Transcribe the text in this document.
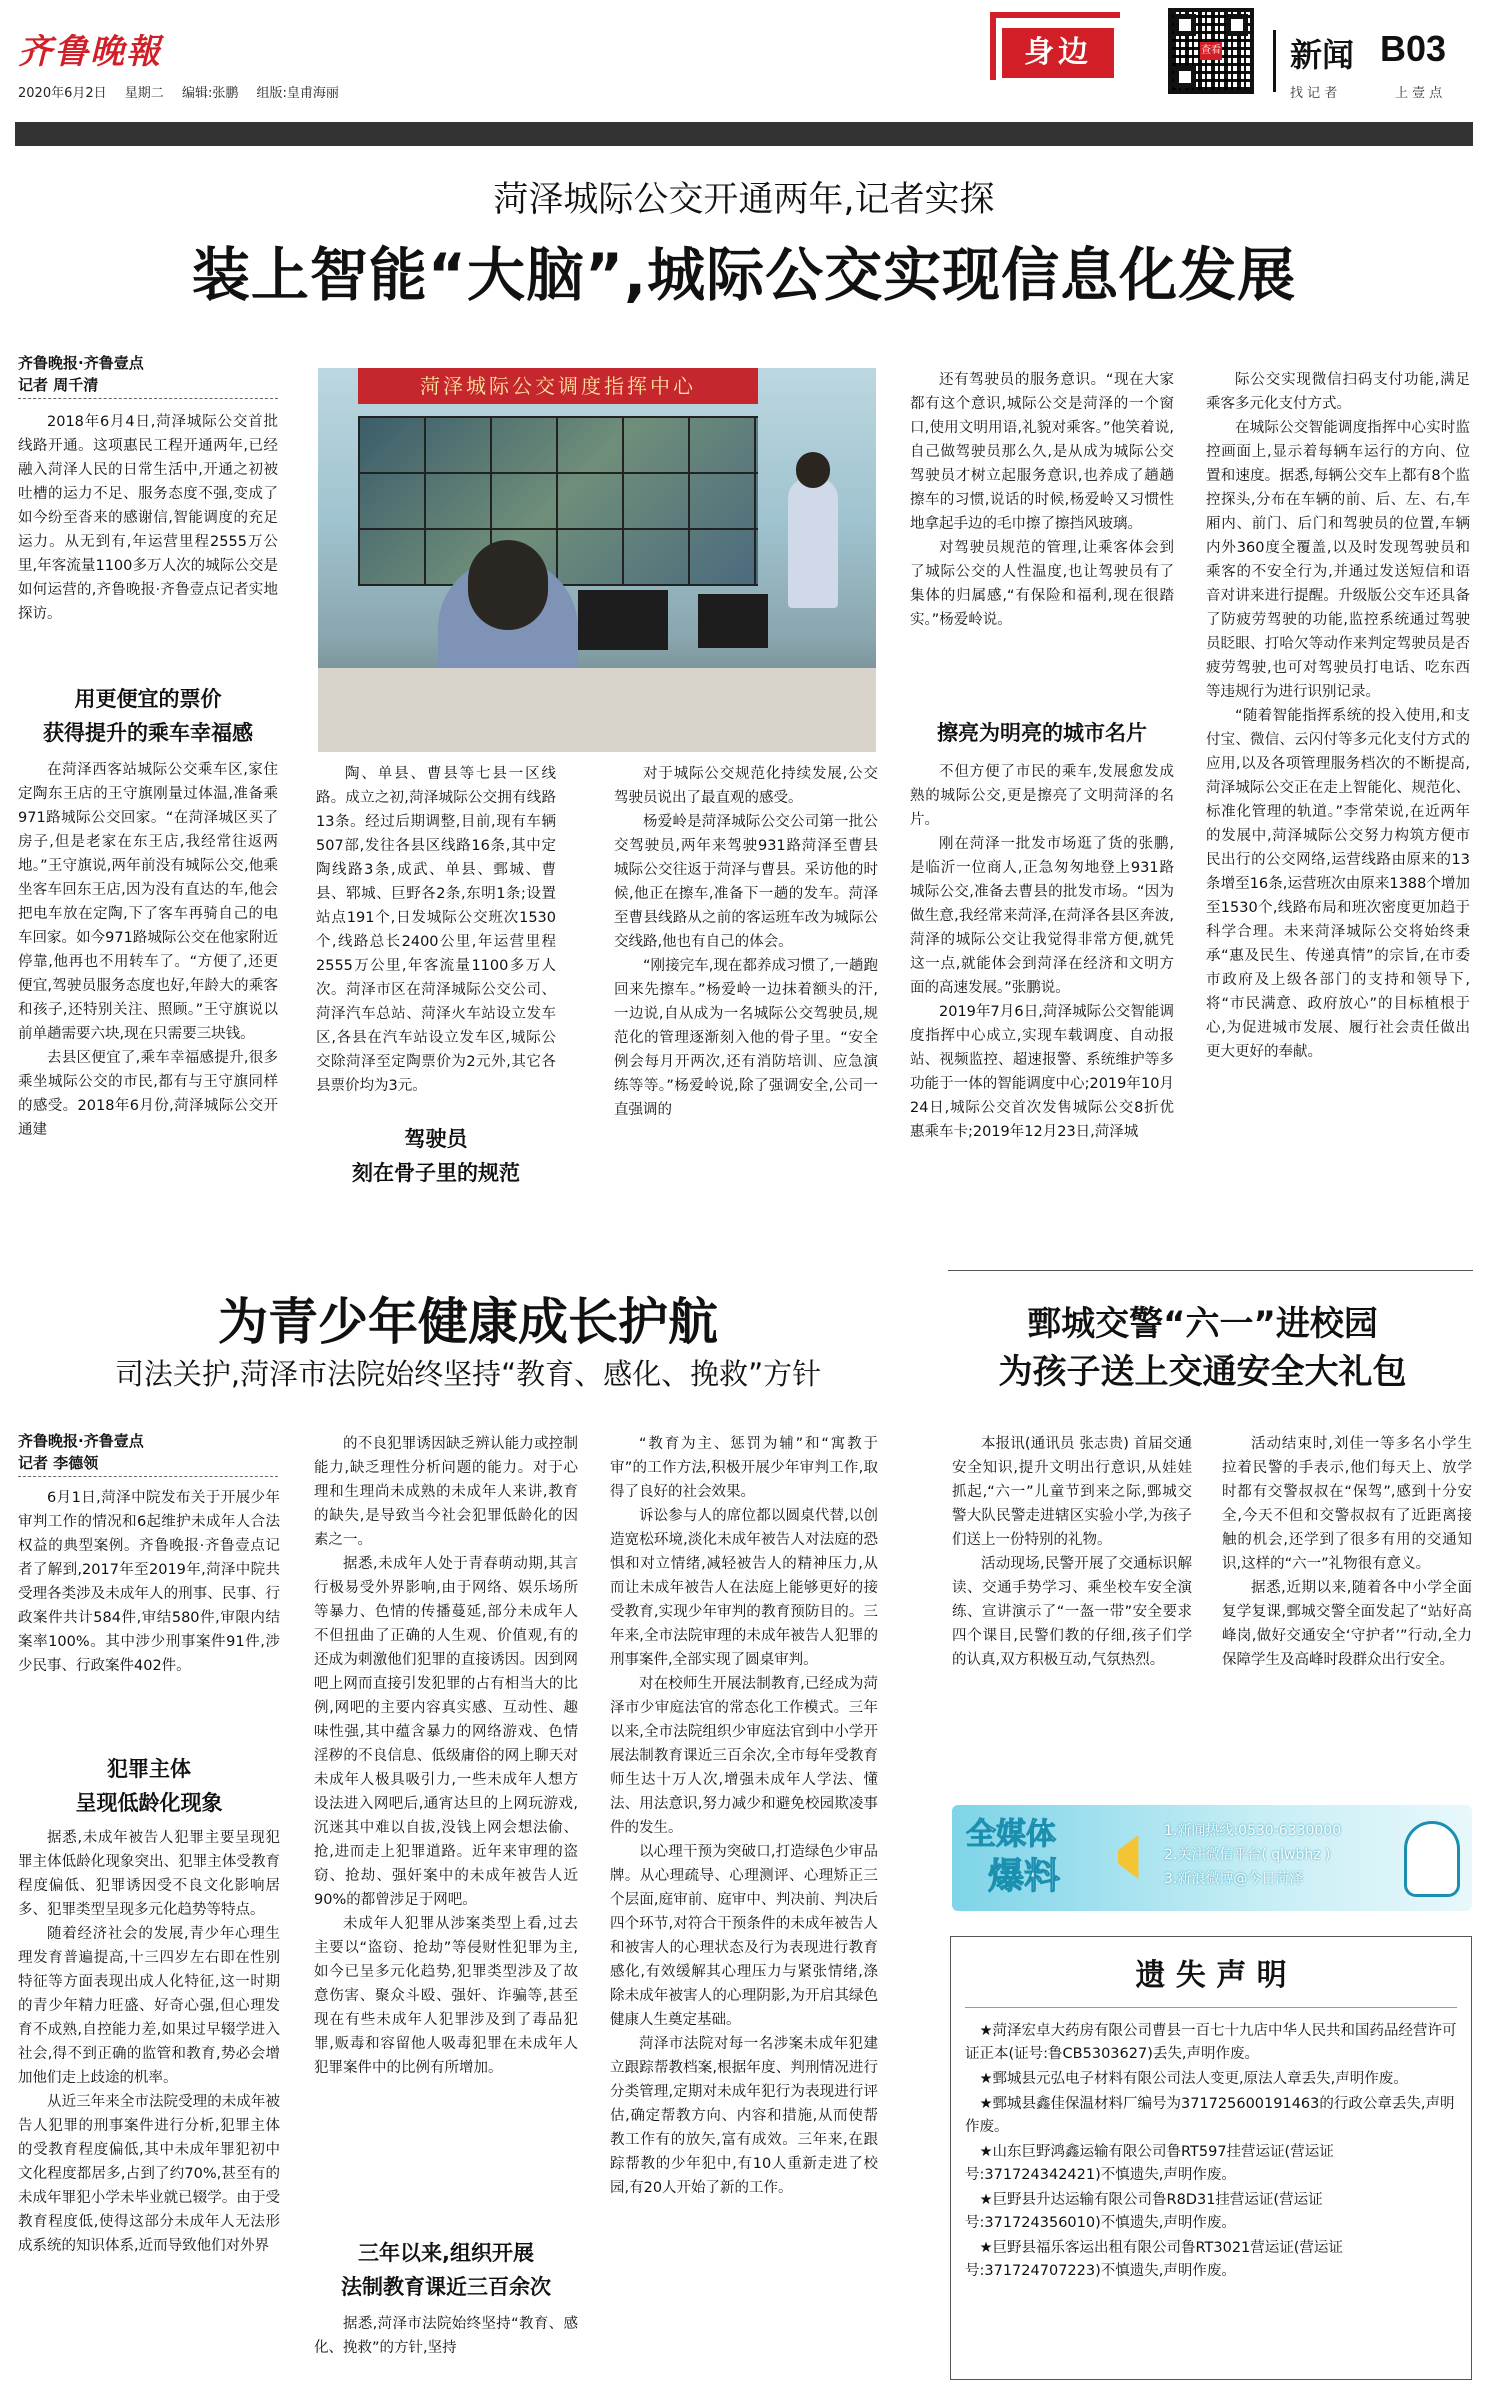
齐鲁晚報
2020年6月2日 星期二 编辑:张鹏 组版:皇甫海丽
身边	查看 新闻 B03
找 记 者	上 壹 点
菏泽城际公交开通两年,记者实探
装上智能“大脑”,城际公交实现信息化发展
齐鲁晚报·齐鲁壹点
记者 周千清

2018年6月4日,菏泽城际公交首批线路开通。这项惠民工程开通两年,已经融入菏泽人民的日常生活中,开通之初被吐槽的运力不足、服务态度不强,变成了如今纷至沓来的感谢信,智能调度的充足运力。从无到有,年运营里程2555万公里,年客流量1100多万人次的城际公交是如何运营的,齐鲁晚报·齐鲁壹点记者实地探访。

用更便宜的票价
获得提升的乘车幸福感

在菏泽西客站城际公交乘车区,家住定陶东王店的王守旗刚量过体温,准备乘971路城际公交回家。“在菏泽城区买了房子,但是老家在东王店,我经常往返两地。”王守旗说,两年前没有城际公交,他乘坐客车回东王店,因为没有直达的车,他会把电车放在定陶,下了客车再骑自己的电车回家。如今971路城际公交在他家附近停靠,他再也不用转车了。“方便了,还更便宜,驾驶员服务态度也好,年龄大的乘客和孩子,还特别关注、照顾。”王守旗说以前单趟需要六块,现在只需要三块钱。

去县区便宜了,乘车幸福感提升,很多乘坐城际公交的市民,都有与王守旗同样的感受。2018年6月份,菏泽城际公交开通建

菏泽城际公交调度指挥中心

陶、单县、曹县等七县一区线路。成立之初,菏泽城际公交拥有线路13条。经过后期调整,目前,现有车辆507部,发往各县区线路16条,其中定陶线路3条,成武、单县、鄄城、曹县、郓城、巨野各2条,东明1条;设置站点191个,日发城际公交班次1530个,线路总长2400公里,年运营里程2555万公里,年客流量1100多万人次。菏泽市区在菏泽城际公交公司、菏泽汽车总站、菏泽火车站设立发车区,各县在汽车站设立发车区,城际公交除菏泽至定陶票价为2元外,其它各县票价均为3元。

驾驶员
刻在骨子里的规范

对于城际公交规范化持续发展,公交驾驶员说出了最直观的感受。

杨爱岭是菏泽城际公交公司第一批公交驾驶员,两年来驾驶931路菏泽至曹县城际公交往返于菏泽与曹县。采访他的时候,他正在擦车,准备下一趟的发车。菏泽至曹县线路从之前的客运班车改为城际公交线路,他也有自己的体会。

“刚接完车,现在都养成习惯了,一趟跑回来先擦车。”杨爱岭一边抹着额头的汗,一边说,自从成为一名城际公交驾驶员,规范化的管理逐渐刻入他的骨子里。“安全例会每月开两次,还有消防培训、应急演练等等。”杨爱岭说,除了强调安全,公司一直强调的

还有驾驶员的服务意识。“现在大家都有这个意识,城际公交是菏泽的一个窗口,使用文明用语,礼貌对乘客。”他笑着说,自己做驾驶员那么久,是从成为城际公交驾驶员才树立起服务意识,也养成了趟趟擦车的习惯,说话的时候,杨爱岭又习惯性地拿起手边的毛巾擦了擦挡风玻璃。

对驾驶员规范的管理,让乘客体会到了城际公交的人性温度,也让驾驶员有了集体的归属感,“有保险和福利,现在很踏实。”杨爱岭说。

擦亮为明亮的城市名片

不但方便了市民的乘车,发展愈发成熟的城际公交,更是擦亮了文明菏泽的名片。

刚在菏泽一批发市场逛了货的张鹏,是临沂一位商人,正急匆匆地登上931路城际公交,准备去曹县的批发市场。“因为做生意,我经常来菏泽,在菏泽各县区奔波,菏泽的城际公交让我觉得非常方便,就凭这一点,就能体会到菏泽在经济和文明方面的高速发展。”张鹏说。

2019年7月6日,菏泽城际公交智能调度指挥中心成立,实现车载调度、自动报站、视频监控、超速报警、系统维护等多功能于一体的智能调度中心;2019年10月24日,城际公交首次发售城际公交8折优惠乘车卡;2019年12月23日,菏泽城

际公交实现微信扫码支付功能,满足乘客多元化支付方式。

在城际公交智能调度指挥中心实时监控画面上,显示着每辆车运行的方向、位置和速度。据悉,每辆公交车上都有8个监控探头,分布在车辆的前、后、左、右,车厢内、前门、后门和驾驶员的位置,车辆内外360度全覆盖,以及时发现驾驶员和乘客的不安全行为,并通过发送短信和语音对讲来进行提醒。升级版公交车还具备了防疲劳驾驶的功能,监控系统通过驾驶员眨眼、打哈欠等动作来判定驾驶员是否疲劳驾驶,也可对驾驶员打电话、吃东西等违规行为进行识别记录。

“随着智能指挥系统的投入使用,和支付宝、微信、云闪付等多元化支付方式的应用,以及各项管理服务档次的不断提高,菏泽城际公交正在走上智能化、规范化、标准化管理的轨道。”李常荣说,在近两年的发展中,菏泽城际公交努力构筑方便市民出行的公交网络,运营线路由原来的13条增至16条,运营班次由原来1388个增加至1530个,线路布局和班次密度更加趋于科学合理。未来菏泽城际公交将始终秉承“惠及民生、传递真情”的宗旨,在市委市政府及上级各部门的支持和领导下,将“市民满意、政府放心”的目标植根于心,为促进城市发展、履行社会责任做出更大更好的奉献。

为青少年健康成长护航
司法关护,菏泽市法院始终坚持“教育、感化、挽救”方针
齐鲁晚报·齐鲁壹点
记者 李德领

6月1日,菏泽中院发布关于开展少年审判工作的情况和6起维护未成年人合法权益的典型案例。齐鲁晚报·齐鲁壹点记者了解到,2017年至2019年,菏泽中院共受理各类涉及未成年人的刑事、民事、行政案件共计584件,审结580件,审限内结案率100%。其中涉少刑事案件91件,涉少民事、行政案件402件。

犯罪主体
呈现低龄化现象

据悉,未成年被告人犯罪主要呈现犯罪主体低龄化现象突出、犯罪主体受教育程度偏低、犯罪诱因受不良文化影响居多、犯罪类型呈现多元化趋势等特点。

随着经济社会的发展,青少年心理生理发育普遍提高,十三四岁左右即在性别特征等方面表现出成人化特征,这一时期的青少年精力旺盛、好奇心强,但心理发育不成熟,自控能力差,如果过早辍学进入社会,得不到正确的监管和教育,势必会增加他们走上歧途的机率。

从近三年来全市法院受理的未成年被告人犯罪的刑事案件进行分析,犯罪主体的受教育程度偏低,其中未成年罪犯初中文化程度都居多,占到了约70%,甚至有的未成年罪犯小学未毕业就已辍学。由于受教育程度低,使得这部分未成年人无法形成系统的知识体系,近而导致他们对外界

的不良犯罪诱因缺乏辨认能力或控制能力,缺乏理性分析问题的能力。对于心理和生理尚未成熟的未成年人来讲,教育的缺失,是导致当今社会犯罪低龄化的因素之一。

据悉,未成年人处于青春萌动期,其言行极易受外界影响,由于网络、娱乐场所等暴力、色情的传播蔓延,部分未成年人不但扭曲了正确的人生观、价值观,有的还成为刺激他们犯罪的直接诱因。因到网吧上网而直接引发犯罪的占有相当大的比例,网吧的主要内容真实感、互动性、趣味性强,其中蕴含暴力的网络游戏、色情淫秽的不良信息、低级庸俗的网上聊天对未成年人极具吸引力,一些未成年人想方设法进入网吧后,通宵达旦的上网玩游戏,沉迷其中难以自拔,没钱上网会想法偷、抢,进而走上犯罪道路。近年来审理的盗窃、抢劫、强奸案中的未成年被告人近90%的都曾涉足于网吧。

未成年人犯罪从涉案类型上看,过去主要以“盗窃、抢劫”等侵财性犯罪为主,如今已呈多元化趋势,犯罪类型涉及了故意伤害、聚众斗殴、强奸、诈骗等,甚至现在有些未成年人犯罪涉及到了毒品犯罪,贩毒和容留他人吸毒犯罪在未成年人犯罪案件中的比例有所增加。

三年以来,组织开展
法制教育课近三百余次

据悉,菏泽市法院始终坚持“教育、感化、挽救”的方针,坚持

“教育为主、惩罚为辅”和“寓教于审”的工作方法,积极开展少年审判工作,取得了良好的社会效果。

诉讼参与人的席位都以圆桌代替,以创造宽松环境,淡化未成年被告人对法庭的恐惧和对立情绪,减轻被告人的精神压力,从而让未成年被告人在法庭上能够更好的接受教育,实现少年审判的教育预防目的。三年来,全市法院审理的未成年被告人犯罪的刑事案件,全部实现了圆桌审判。

对在校师生开展法制教育,已经成为菏泽市少审庭法官的常态化工作模式。三年以来,全市法院组织少审庭法官到中小学开展法制教育课近三百余次,全市每年受教育师生达十万人次,增强未成年人学法、懂法、用法意识,努力减少和避免校园欺凌事件的发生。

以心理干预为突破口,打造绿色少审品牌。从心理疏导、心理测评、心理矫正三个层面,庭审前、庭审中、判决前、判决后四个环节,对符合干预条件的未成年被告人和被害人的心理状态及行为表现进行教育感化,有效缓解其心理压力与紧张情绪,涤除未成年被害人的心理阴影,为开启其绿色健康人生奠定基础。

菏泽市法院对每一名涉案未成年犯建立跟踪帮教档案,根据年度、判刑情况进行分类管理,定期对未成年犯行为表现进行评估,确定帮教方向、内容和措施,从而使帮教工作有的放矢,富有成效。三年来,在跟踪帮教的少年犯中,有10人重新走进了校园,有20人开始了新的工作。

鄄城交警“六一”进校园
为孩子送上交通安全大礼包

本报讯(通讯员 张志贵) 首届交通安全知识,提升文明出行意识,从娃娃抓起,“六一”儿童节到来之际,鄄城交警大队民警走进辖区实验小学,为孩子们送上一份特别的礼物。

活动现场,民警开展了交通标识解读、交通手势学习、乘坐校车安全演练、宣讲演示了“一盔一带”安全要求四个课目,民警们教的仔细,孩子们学的认真,双方积极互动,气氛热烈。

活动结束时,刘佳一等多名小学生拉着民警的手表示,他们每天上、放学时都有交警叔叔在“保驾”,感到十分安全,今天不但和交警叔叔有了近距离接触的机会,还学到了很多有用的交通知识,这样的“六一”礼物很有意义。

据悉,近期以来,随着各中小学全面复学复课,鄄城交警全面发起了“站好高峰岗,做好交通安全‘守护者’”行动,全力保障学生及高峰时段群众出行安全。

全媒体
爆料
1.新闻热线:0530-6330000
2.关注微信平台( qlwbhz )
3.新浪微博@今日菏泽
遗 失 声 明
★菏泽宏卓大药房有限公司曹县一百七十九店中华人民共和国药品经营许可证正本(证号:鲁CB5303627)丢失,声明作废。
★鄄城县元弘电子材料有限公司法人变更,原法人章丢失,声明作废。
★鄄城县鑫佳保温材料厂编号为371725600191463的行政公章丢失,声明作废。
★山东巨野鸿鑫运输有限公司鲁RT597挂营运证(营运证号:371724342421)不慎遗失,声明作废。
★巨野县升达运输有限公司鲁R8D31挂营运证(营运证号:371724356010)不慎遗失,声明作废。
★巨野县福乐客运出租有限公司鲁RT3021营运证(营运证号:371724707223)不慎遗失,声明作废。
